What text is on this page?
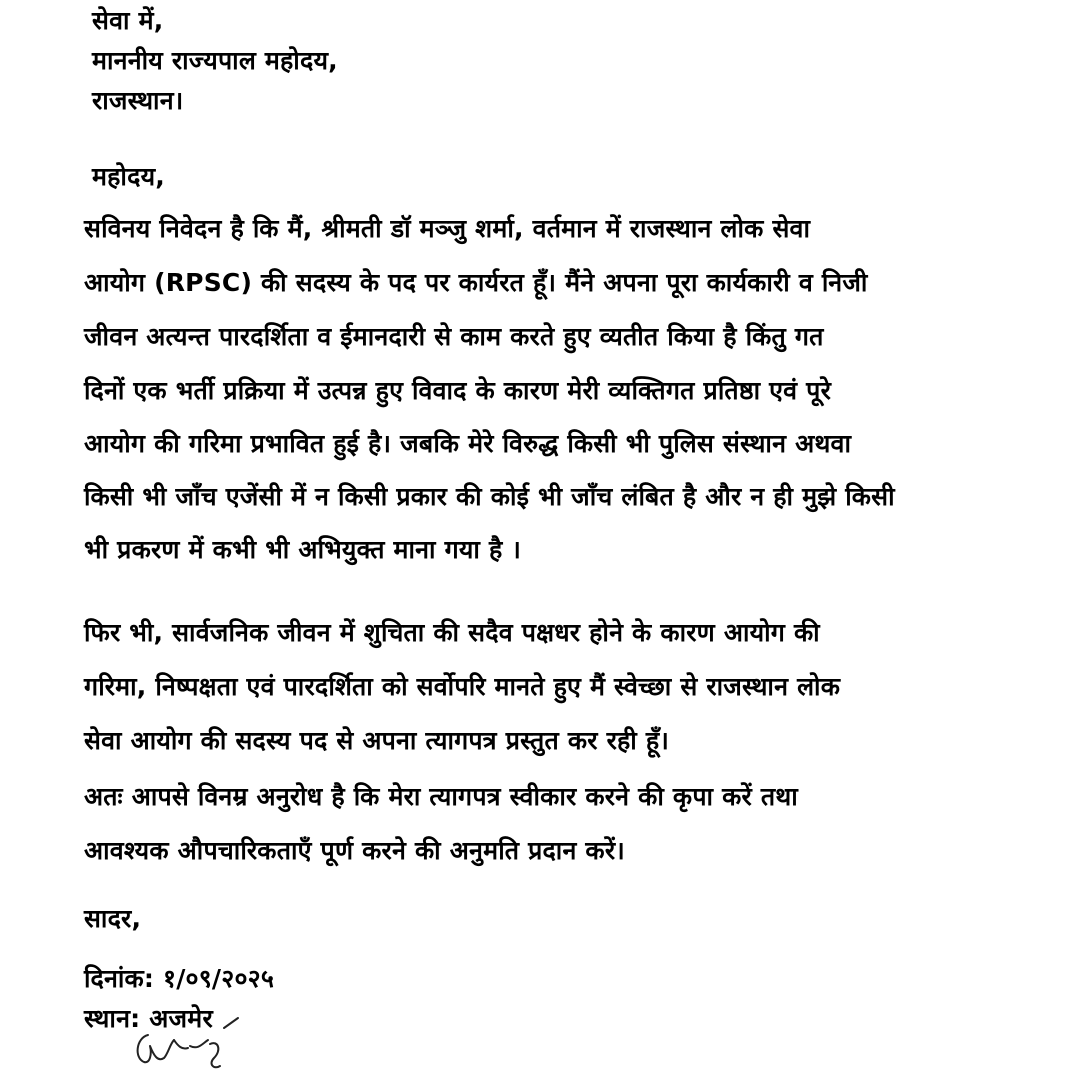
सेवा में,
माननीय राज्यपाल महोदय,
राजस्थान।
महोदय,
सविनय निवेदन है कि मैं, श्रीमती डॉ मञ्जु शर्मा, वर्तमान में राजस्थान लोक सेवा
आयोग (RPSC) की सदस्य के पद पर कार्यरत हूँ। मैंने अपना पूरा कार्यकारी व निजी
जीवन अत्यन्त पारदर्शिता व ईमानदारी से काम करते हुए व्यतीत किया है किंतु गत
दिनों एक भर्ती प्रक्रिया में उत्पन्न हुए विवाद के कारण मेरी व्यक्तिगत प्रतिष्ठा एवं पूरे
आयोग की गरिमा प्रभावित हुई है। जबकि मेरे विरुद्ध किसी भी पुलिस संस्थान अथवा
किसी भी जाँच एजेंसी में न किसी प्रकार की कोई भी जाँच लंबित है और न ही मुझे किसी
भी प्रकरण में कभी भी अभियुक्त माना गया है ।
फिर भी, सार्वजनिक जीवन में शुचिता की सदैव पक्षधर होने के कारण आयोग की
गरिमा, निष्पक्षता एवं पारदर्शिता को सर्वोपरि मानते हुए मैं स्वेच्छा से राजस्थान लोक
सेवा आयोग की सदस्य पद से अपना त्यागपत्र प्रस्तुत कर रही हूँ।
अतः आपसे विनम्र अनुरोध है कि मेरा त्यागपत्र स्वीकार करने की कृपा करें तथा
आवश्यक औपचारिकताएँ पूर्ण करने की अनुमति प्रदान करें।
सादर,
दिनांक: १/०९/२०२५
स्थान: अजमेर
